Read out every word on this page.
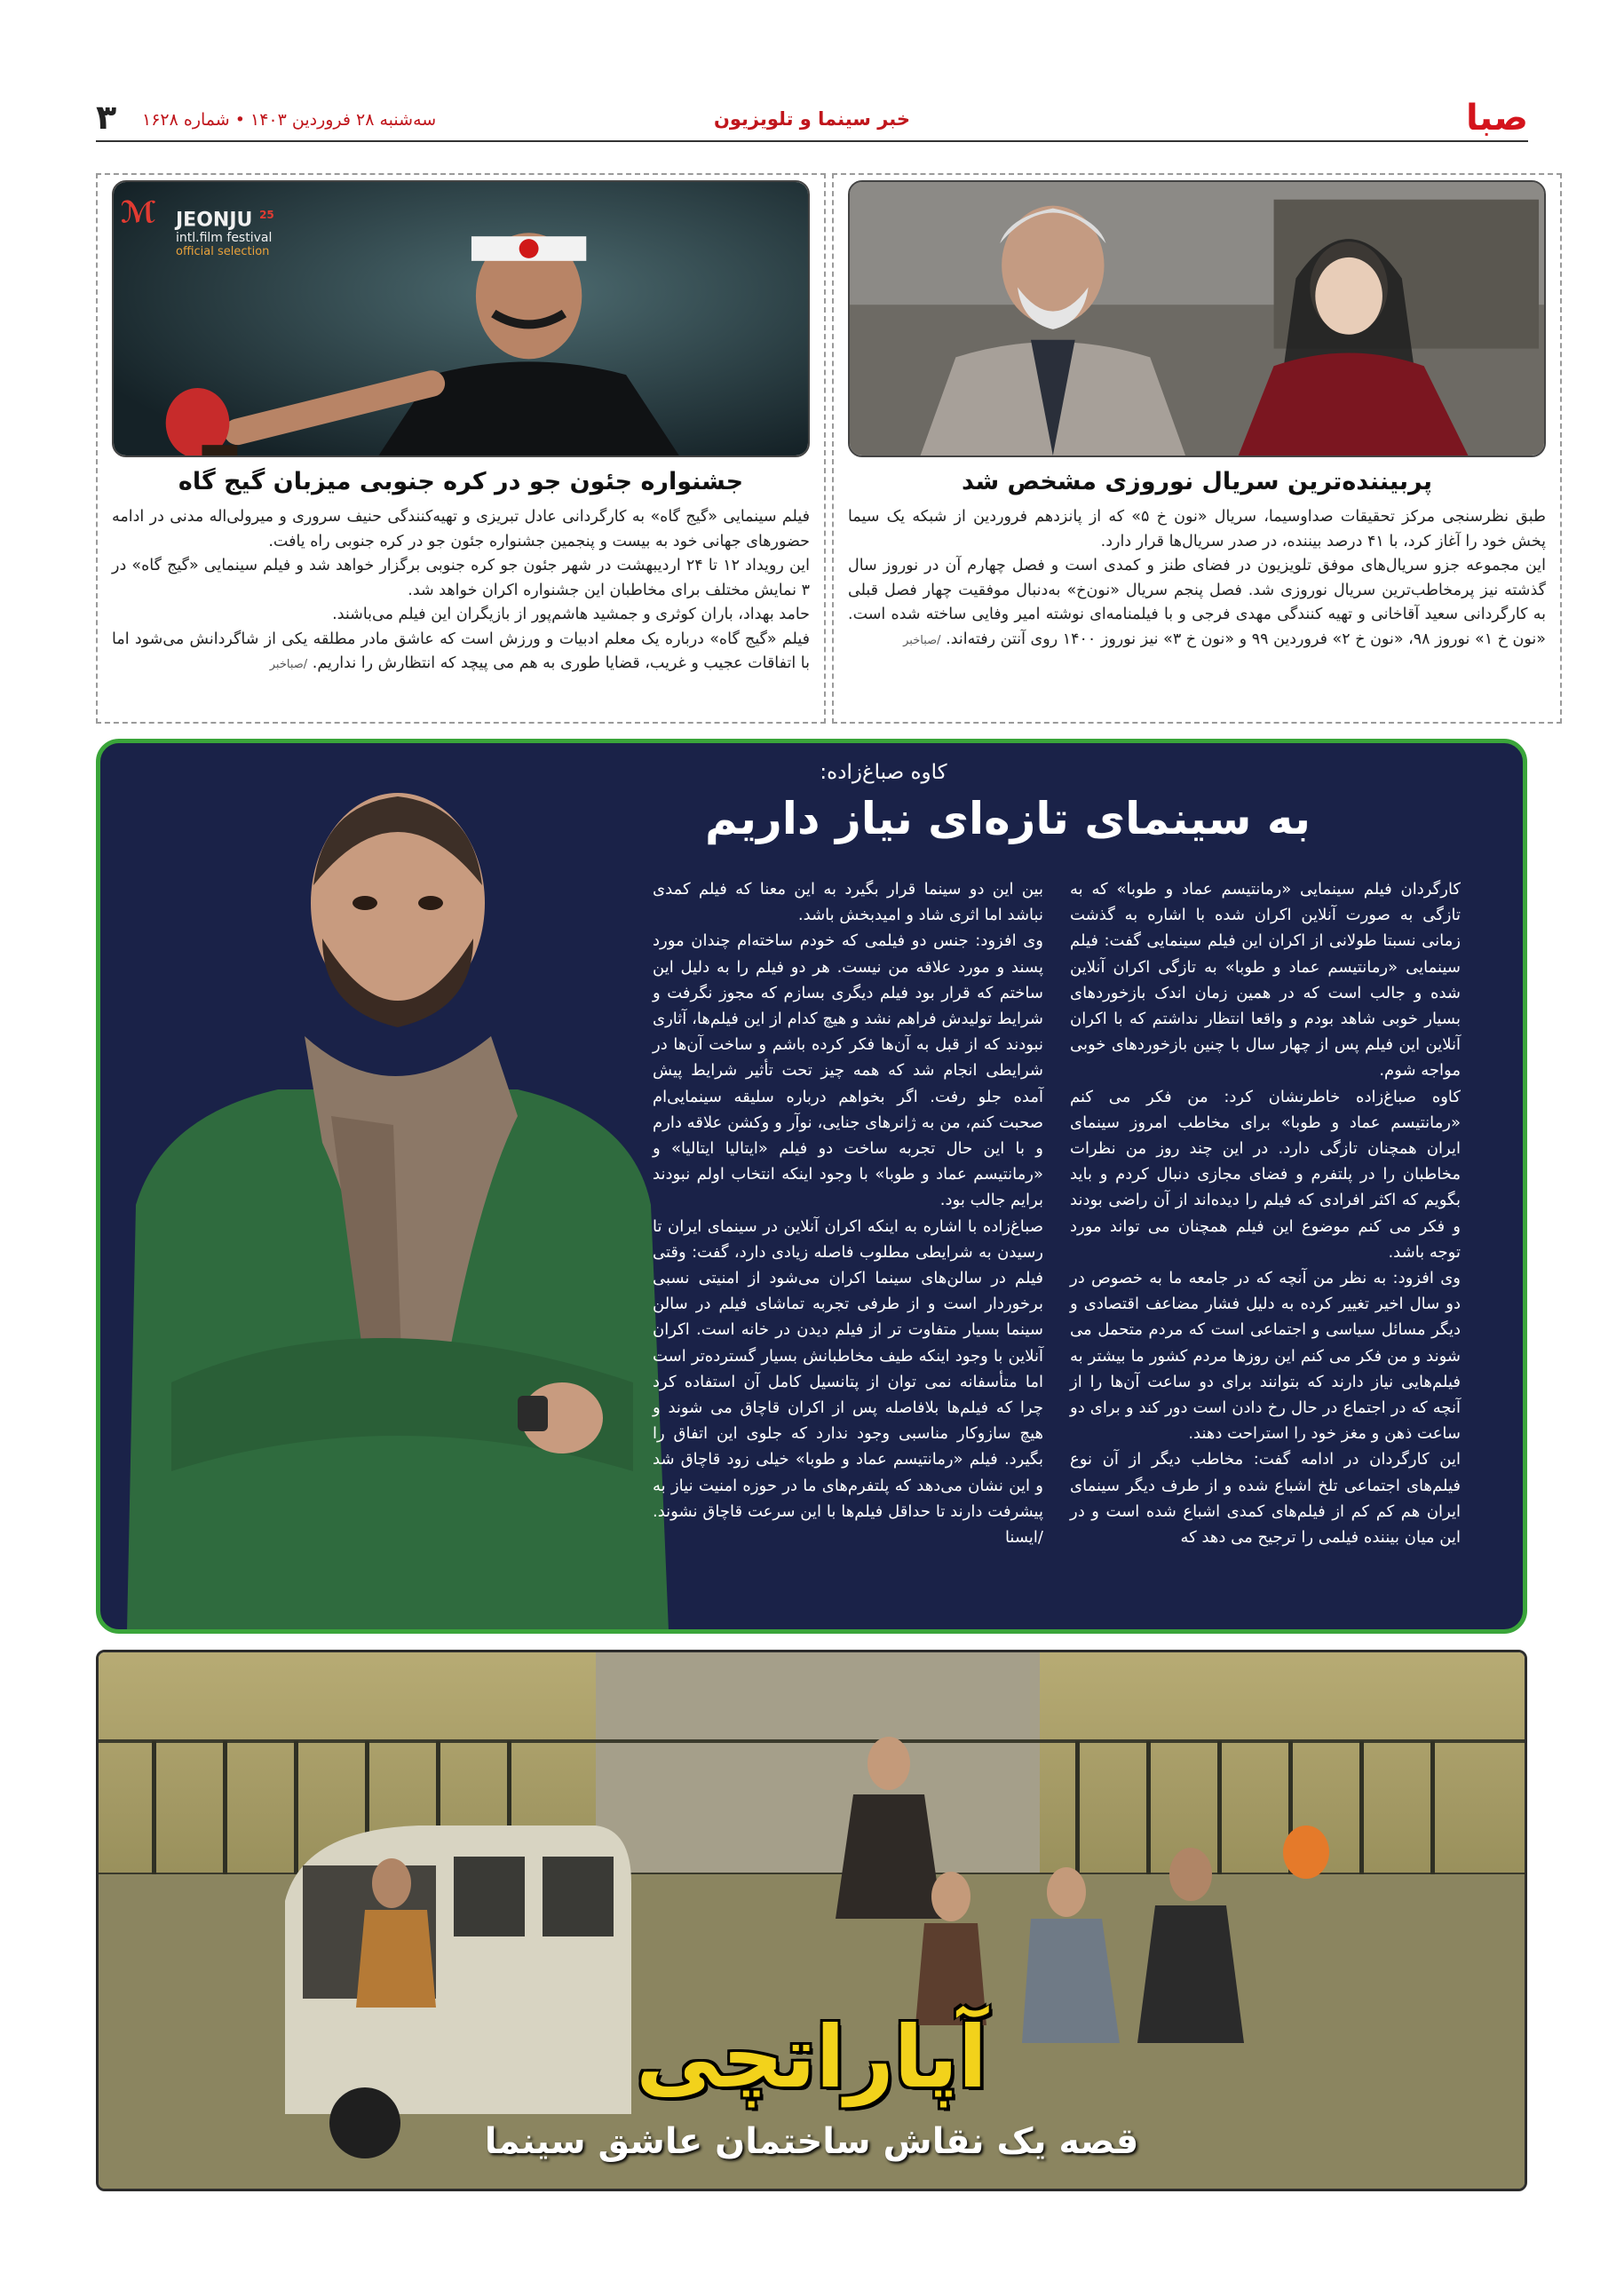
صبا
خبر سینما و تلویزیون
سه‌شنبه ۲۸ فروردین ۱۴۰۳ • شماره ۱۶۲۸
۳
پربیننده‌ترین سریال نوروزی مشخص شد

طبق نظرسنجی مرکز تحقیقات صداوسیما، سریال «نون خ ۵» که از پانزدهم فروردین از شبکه یک سیما پخش خود را آغاز کرد، با ۴۱ درصد بیننده، در صدر سریال‌ها قرار دارد.

این مجموعه جزو سریال‌های موفق تلویزیون در فضای طنز و کمدی است و فصل چهارم آن در نوروز سال گذشته نیز پرمخاطب‌ترین سریال نوروزی شد. فصل پنجم سریال «نون‌خ» به‌دنبال موفقیت چهار فصل قبلی به کارگردانی سعید آقاخانی و تهیه کنندگی مهدی فرجی و با فیلمنامه‌ای نوشته امیر وفایی ساخته شده است. «نون خ ۱» نوروز ۹۸، «نون خ ۲» فروردین ۹۹ و «نون خ ۳» نیز نوروز ۱۴۰۰ روی آنتن رفته‌اند. /صباخبر

ℳ JEONJU $^{25}$
intl.film festival
official selection
جشنواره جئون جو در کره جنوبی میزبان گیج گاه

فیلم سینمایی «گیج گاه» به کارگردانی عادل تبریزی و تهیه‌کنندگی حنیف سروری و میرولی‌اله مدنی در ادامه حضورهای جهانی خود به بیست و پنجمین جشنواره جئون جو در کره جنوبی راه یافت.

این رویداد ۱۲ تا ۲۴ اردیبهشت در شهر جئون جو کره جنوبی برگزار خواهد شد و فیلم سینمایی «گیج گاه» در ۳ نمایش مختلف برای مخاطبان این جشنواره اکران خواهد شد.

حامد بهداد، باران کوثری و جمشید هاشم‌پور از بازیگران این فیلم می‌باشند.

فیلم «گیج گاه» درباره یک معلم ادبیات و ورزش است که عاشق مادر مطلقه یکی از شاگردانش می‌شود اما با اتفاقات عجیب و غریب، قضایا طوری به هم می پیچد که انتظارش را نداریم. /صباخبر

کاوه صباغ‌زاده:
به سینمای تازه‌ای نیاز داریم

کارگردان فیلم سینمایی «رمانتیسم عماد و طوبا» که به تازگی به صورت آنلاین اکران شده با اشاره به گذشت زمانی نسبتا طولانی از اکران این فیلم سینمایی گفت: فیلم سینمایی «رمانتیسم عماد و طوبا» به تازگی اکران آنلاین شده و جالب است که در همین زمان اندک بازخوردهای بسیار خوبی شاهد بودم و واقعا انتظار نداشتم که با اکران آنلاین این فیلم پس از چهار سال با چنین بازخوردهای خوبی مواجه شوم.

کاوه صباغ‌زاده خاطرنشان کرد: من فکر می کنم «رمانتیسم عماد و طوبا» برای مخاطب امروز سینمای ایران همچنان تازگی دارد. در این چند روز من نظرات مخاطبان را در پلتفرم و فضای مجازی دنبال کردم و باید بگویم که اکثر افرادی که فیلم را دیده‌اند از آن راضی بودند و فکر می کنم موضوع این فیلم همچنان می تواند مورد توجه باشد.

وی افزود: به نظر من آنچه که در جامعه ما به خصوص در دو سال اخیر تغییر کرده به دلیل فشار مضاعف اقتصادی و دیگر مسائل سیاسی و اجتماعی است که مردم متحمل می شوند و من فکر می کنم این روزها مردم کشور ما بیشتر به فیلم‌هایی نیاز دارند که بتوانند برای دو ساعت آن‌ها را از آنچه که در اجتماع در حال رخ دادن است دور کند و برای دو ساعت ذهن و مغز خود را استراحت دهند.

این کارگردان در ادامه گفت: مخاطب دیگر از آن نوع فیلم‌های اجتماعی تلخ اشباع شده و از طرف دیگر سینمای ایران هم کم کم از فیلم‌های کمدی اشباع شده است و در این میان بیننده فیلمی را ترجیح می دهد که

بین این دو سینما قرار بگیرد به این معنا که فیلم کمدی نباشد اما اثری شاد و امیدبخش باشد.

وی افزود: جنس دو فیلمی که خودم ساخته‌ام چندان مورد پسند و مورد علاقه من نیست. هر دو فیلم را به دلیل این ساختم که قرار بود فیلم دیگری بسازم که مجوز نگرفت و شرایط تولیدش فراهم نشد و هیچ کدام از این فیلم‌ها، آثاری نبودند که از قبل به آن‌ها فکر کرده باشم و ساخت آن‌ها در شرایطی انجام شد که همه چیز تحت تأثیر شرایط پیش آمده جلو رفت. اگر بخواهم درباره سلیقه سینمایی‌ام صحبت کنم، من به ژانرهای جنایی، نوآر و وکشن علاقه دارم و با این حال تجربه ساخت دو فیلم «ایتالیا ایتالیا» و «رمانتیسم عماد و طوبا» با وجود اینکه انتخاب اولم نبودند برایم جالب بود.

صباغ‌زاده با اشاره به اینکه اکران آنلاین در سینمای ایران تا رسیدن به شرایطی مطلوب فاصله زیادی دارد، گفت: وقتی فیلم در سالن‌های سینما اکران می‌شود از امنیتی نسبی برخوردار است و از طرفی تجربه تماشای فیلم در سالن سینما بسیار متفاوت تر از فیلم دیدن در خانه است. اکران آنلاین با وجود اینکه طیف مخاطبانش بسیار گسترده‌تر است اما متأسفانه نمی توان از پتانسیل کامل آن استفاده کرد چرا که فیلم‌ها بلافاصله پس از اکران قاچاق می شوند و هیچ سازوکار مناسبی وجود ندارد که جلوی این اتفاق را بگیرد. فیلم «رمانتیسم عماد و طوبا» خیلی زود قاچاق شد و این نشان می‌دهد که پلتفرم‌های ما در حوزه امنیت نیاز به پیشرفت دارند تا حداقل فیلم‌ها با این سرعت قاچاق نشوند. /ایسنا

آپاراتچی
قصه یک نقاش ساختمان عاشق سینما
